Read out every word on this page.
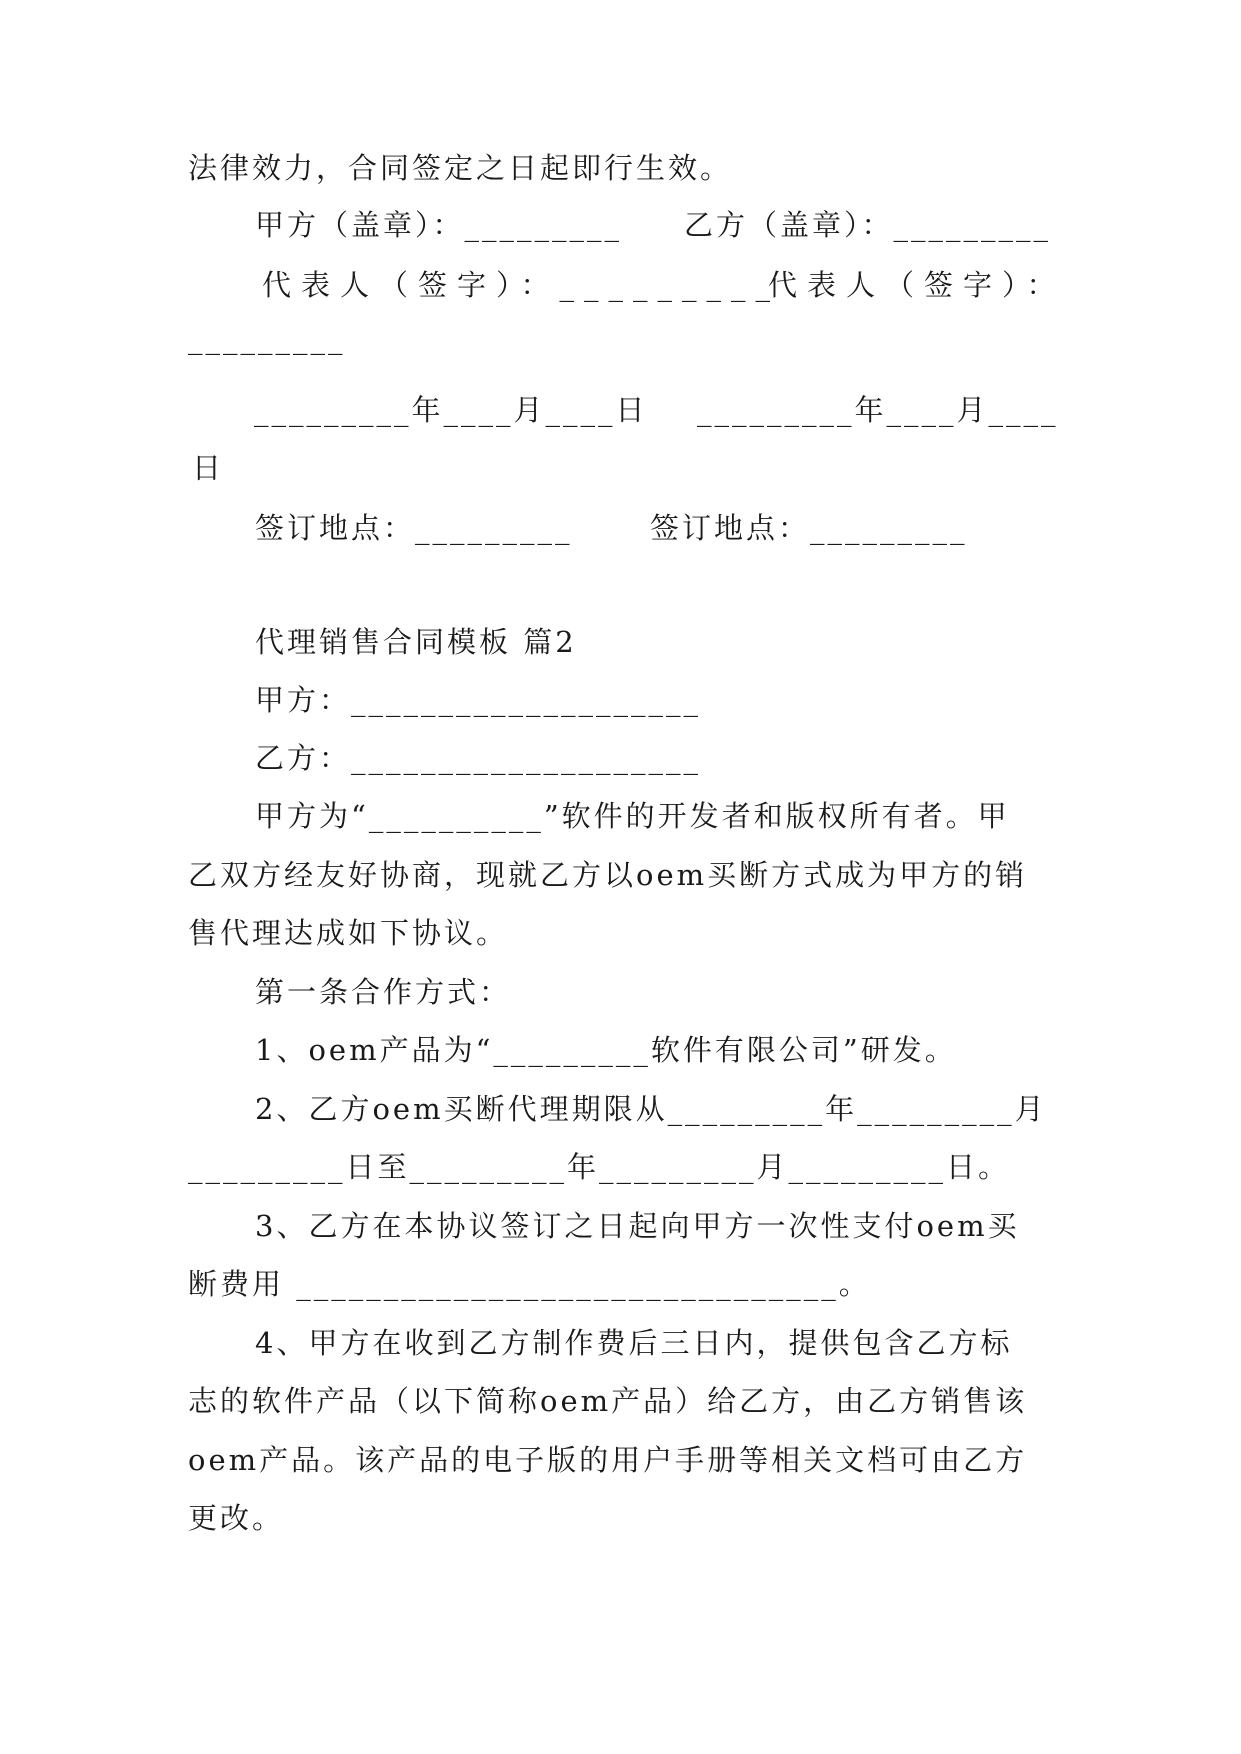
法律效力，合同签定之日起即行生效。
甲方（盖章）：_________ 乙方（盖章）：_________
代表人（签字）：_________
代表人（签字）：
_________
_________年____月____日 _________年____月____
日
签订地点：_________	签订地点：_________
代理销售合同模板 篇2
甲方：____________________
乙方：____________________
甲方为“__________”软件的开发者和版权所有者。甲
乙双方经友好协商，现就乙方以oem买断方式成为甲方的销
售代理达成如下协议。
第一条合作方式：
1、oem产品为“_________软件有限公司”研发。
2、乙方oem买断代理期限从_________年_________月
_________日至_________年_________月_________日。
3、乙方在本协议签订之日起向甲方一次性支付oem买
断费用 _______________________________。
4、甲方在收到乙方制作费后三日内，提供包含乙方标
志的软件产品（以下简称oem产品）给乙方，由乙方销售该
oem产品。该产品的电子版的用户手册等相关文档可由乙方
更改。
